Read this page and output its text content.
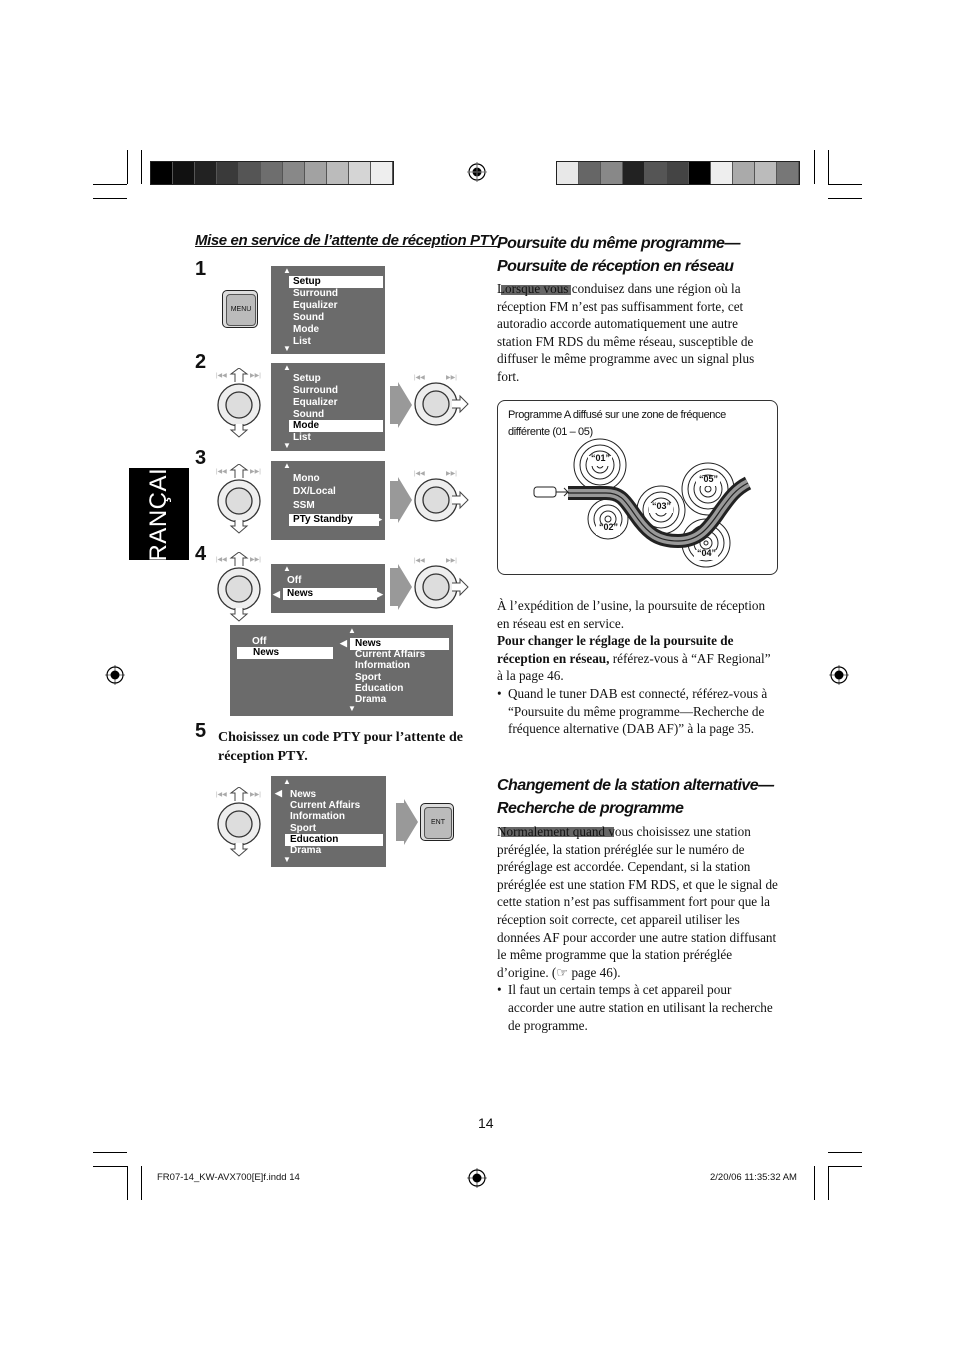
FRANÇAIS
Mise en service de l’attente de réception PTY
1
2
3
4
5
MENU
▲
Setup	▶
Surround
Equalizer
Sound
Mode
List
▼
|◀◀	▶▶|
▲
Setup
Surround
Equalizer
Sound
Mode	▶
List
▼
|◀◀	▶▶|
|◀◀	▶▶|
▲
Mono
DX/Local
SSM
PTy Standby	▶
|◀◀	▶▶|
|◀◀	▶▶|
▲
Off
◀ News	▶
|◀◀	▶▶|
Off
News
▲
◀ News
Current Affairs
Information
Sport
Education
Drama
▼
Choisissez un code PTY pour l’attente de réception PTY.
|◀◀	▶▶|
▲
◀ News
Current Affairs
Information
Sport
Education
Drama
▼
ENT
Poursuite du même programme—
Poursuite de réception en réseau
Lorsque vous conduisez dans une région où la réception FM n’est pas suffisamment forte, cet autoradio accorde automatiquement une autre station FM RDS du même réseau, susceptible de diffuser le même programme avec un signal plus fort.
Programme A diffusé sur une zone de fréquence différente (01 – 05)
“01”
“02”
“03”
“04”
“05”

À l’expédition de l’usine, la poursuite de réception en réseau est en service.

Pour changer le réglage de la poursuite de réception en réseau, référez-vous à “AF Regional” à la page 46.

• Quand le tuner DAB est connecté, référez-vous à “Poursuite du même programme—Recherche de fréquence alternative (DAB AF)” à la page 35.

Changement de la station alternative—
Recherche de programme

Normalement quand vous choisissez une station préréglée, la station préréglée sur le numéro de préréglage est accordée. Cependant, si la station préréglée est une station FM RDS, et que le signal de cette station n’est pas suffisamment fort pour que la réception soit correcte, cet appareil utiliser les données AF pour accorder une autre station diffusant le même programme que la station préréglée d’origine. (☞ page 46).

• Il faut un certain temps à cet appareil pour accorder une autre station en utilisant la recherche de programme.

14
FR07-14_KW-AVX700[E]f.indd 14	2/20/06 11:35:32 AM
